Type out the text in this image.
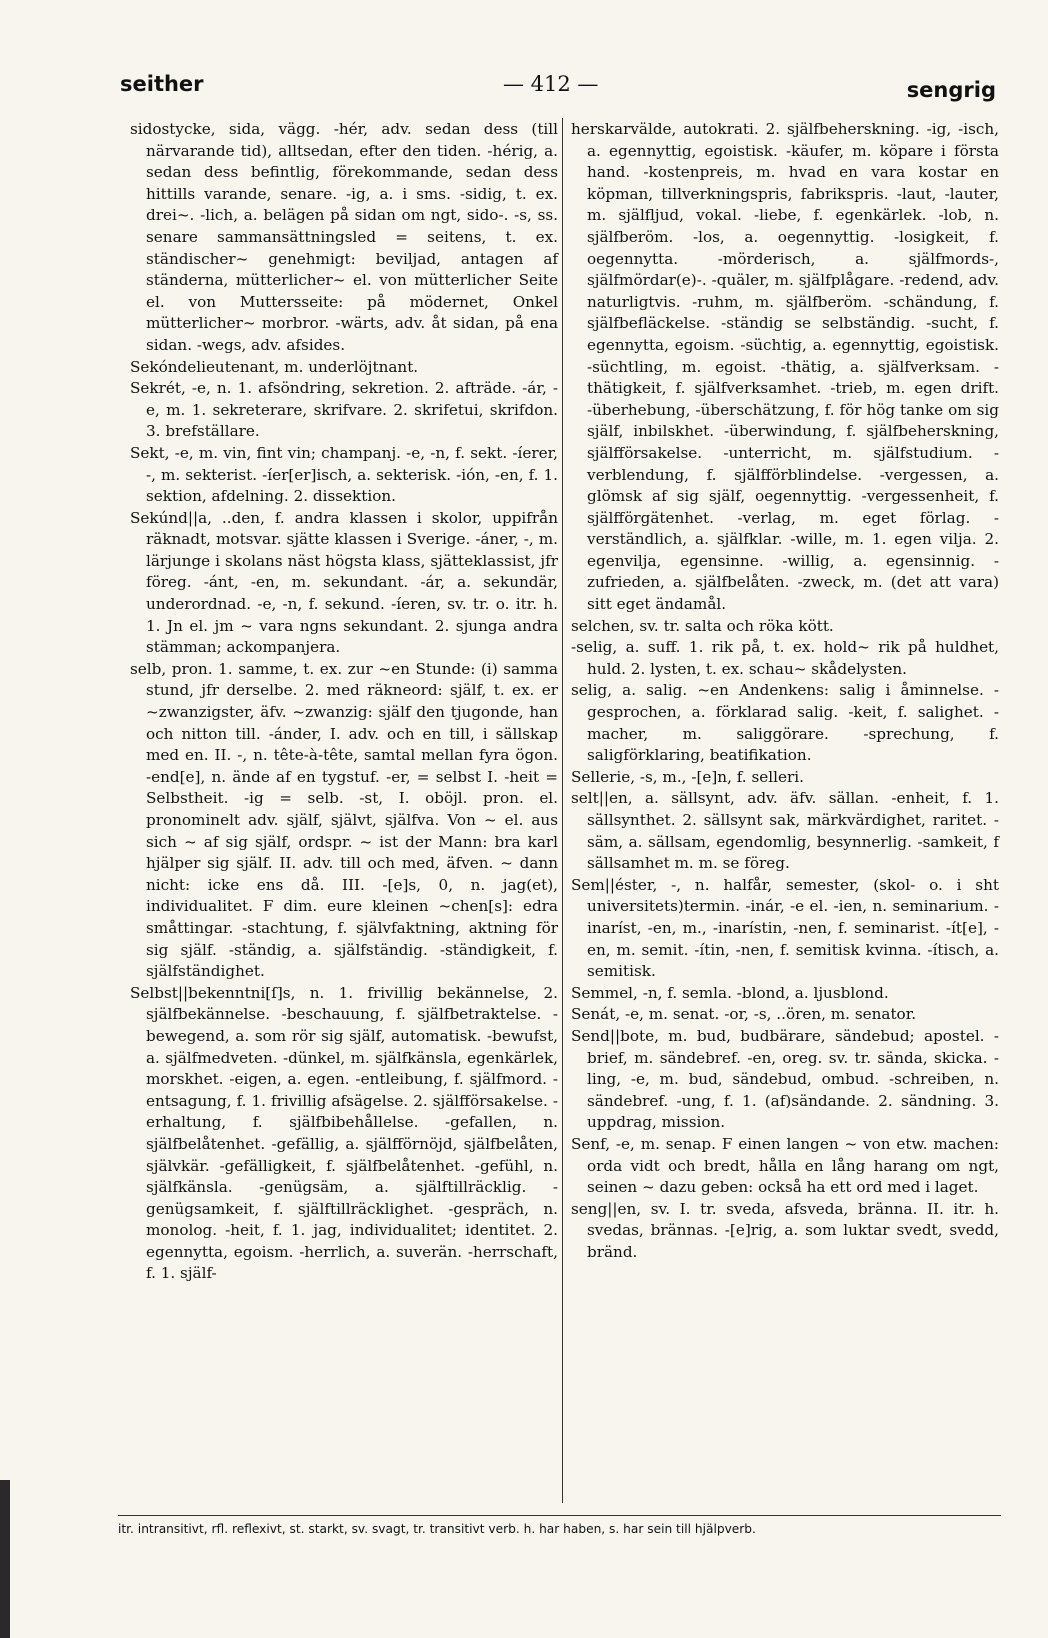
seither	— 412 —	sengrig

sidostycke, sida, vägg. -hér, adv. sedan dess (till närvarande tid), alltsedan, efter den tiden. -hérig, a. sedan dess befintlig, förekommande, sedan dess hittills varande, senare. -ig, a. i sms. -sidig, t. ex. drei~. -lich, a. belägen på sidan om ngt, sido-. -s, ss. senare sammansättningsled = seitens, t. ex. ständischer~ genehmigt: beviljad, antagen af ständerna, mütterlicher~ el. von mütterlicher Seite el. von Muttersseite: på mödernet, Onkel mütterlicher~ morbror. -wärts, adv. åt sidan, på ena sidan. -wegs, adv. afsides.

Sekóndelieutenant, m. underlöjtnant.

Sekrét, -e, n. 1. afsöndring, sekretion. 2. afträde. -ár, -e, m. 1. sekreterare, skrifvare. 2. skrifetui, skrifdon. 3. brefställare.

Sekt, -e, m. vin, fint vin; champanj. -e, -n, f. sekt. -íerer, -, m. sekterist. -íer[er]isch, a. sekterisk. -ión, -en, f. 1. sektion, afdelning. 2. dissektion.

Sekúnd||a, ..den, f. andra klassen i skolor, uppifrån räknadt, motsvar. sjätte klassen i Sverige. -áner, -, m. lärjunge i skolans näst högsta klass, sjätteklassist, jfr föreg. -ánt, -en, m. sekundant. -ár, a. sekundär, underordnad. -e, -n, f. sekund. -íeren, sv. tr. o. itr. h. 1. Jn el. jm ~ vara ngns sekundant. 2. sjunga andra stämman; ackompanjera.

selb, pron. 1. samme, t. ex. zur ~en Stunde: (i) samma stund, jfr derselbe. 2. med räkneord: själf, t. ex. er ~zwanzigster, äfv. ~zwanzig: själf den tjugonde, han och nitton till. -ánder, I. adv. och en till, i sällskap med en. II. -, n. tête-à-tête, samtal mellan fyra ögon. -end[e], n. ände af en tygstuf. -er, = selbst I. -heit = Selbstheit. -ig = selb. -st, I. oböjl. pron. el. pronominelt adv. själf, självt, själfva. Von ~ el. aus sich ~ af sig själf, ordspr. ~ ist der Mann: bra karl hjälper sig själf. II. adv. till och med, äfven. ~ dann nicht: icke ens då. III. -[e]s, 0, n. jag(et), individualitet. F dim. eure kleinen ~chen[s]: edra småttingar. -stachtung, f. självfaktning, aktning för sig själf. -ständig, a. själfständig. -ständigkeit, f. själfständighet.

Selbst||bekenntni[ſ]s, n. 1. frivillig bekännelse, 2. själfbekännelse. -beschauung, f. själfbetraktelse. -bewegend, a. som rör sig själf, automatisk. -bewufst, a. själfmedveten. -dünkel, m. själfkänsla, egenkärlek, morskhet. -eigen, a. egen. -entleibung, f. själfmord. -entsagung, f. 1. frivillig afsägelse. 2. själfförsakelse. -erhaltung, f. själfbibehållelse. -gefallen, n. själfbelåtenhet. -gefällig, a. själfförnöjd, själfbelåten, självkär. -gefälligkeit, f. själfbelåtenhet. -gefühl, n. själfkänsla. -genügsäm, a. själftillräcklig. -genügsamkeit, f. själftillräcklighet. -gespräch, n. monolog. -heit, f. 1. jag, individualitet; identitet. 2. egennytta, egoism. -herrlich, a. suverän. -herrschaft, f. 1. själf-

herskarvälde, autokrati. 2. själfbeherskning. -ig, -isch, a. egennyttig, egoistisk. -käufer, m. köpare i första hand. -kostenpreis, m. hvad en vara kostar en köpman, tillverkningspris, fabrikspris. -laut, -lauter, m. själfljud, vokal. -liebe, f. egenkärlek. -lob, n. själfberöm. -los, a. oegennyttig. -losigkeit, f. oegennytta. -mörderisch, a. själfmords-, själfmördar(e)-. -quäler, m. själfplågare. -redend, adv. naturligtvis. -ruhm, m. själfberöm. -schändung, f. själfbefläckelse. -ständig se selbständig. -sucht, f. egennytta, egoism. -süchtig, a. egennyttig, egoistisk. -süchtling, m. egoist. -thätig, a. själfverksam. -thätigkeit, f. själfverksamhet. -trieb, m. egen drift. -überhebung, -überschätzung, f. för hög tanke om sig själf, inbilskhet. -überwindung, f. själfbeherskning, själfförsakelse. -unterricht, m. själfstudium. -verblendung, f. själfförblindelse. -vergessen, a. glömsk af sig själf, oegennyttig. -vergessenheit, f. själfförgätenhet. -verlag, m. eget förlag. -verständlich, a. själfklar. -wille, m. 1. egen vilja. 2. egenvilja, egensinne. -willig, a. egensinnig. -zufrieden, a. själfbelåten. -zweck, m. (det att vara) sitt eget ändamål.

selchen, sv. tr. salta och röka kött.

-selig, a. suff. 1. rik på, t. ex. hold~ rik på huldhet, huld. 2. lysten, t. ex. schau~ skådelysten.

selig, a. salig. ~en Andenkens: salig i åminnelse. -gesprochen, a. förklarad salig. -keit, f. salighet. -macher, m. saliggörare. -sprechung, f. saligförklaring, beatifikation.

Sellerie, -s, m., -[e]n, f. selleri.

selt||en, a. sällsynt, adv. äfv. sällan. -enheit, f. 1. sällsynthet. 2. sällsynt sak, märkvärdighet, raritet. -säm, a. sällsam, egendomlig, besynnerlig. -samkeit, f sällsamhet m. m. se föreg.

Sem||éster, -, n. halfår, semester, (skol- o. i sht universitets)termin. -inár, -e el. -ien, n. seminarium. -inaríst, -en, m., -inarístin, -nen, f. seminarist. -ít[e], -en, m. semit. -ítin, -nen, f. semitisk kvinna. -ítisch, a. semitisk.

Semmel, -n, f. semla. -blond, a. ljusblond.

Senát, -e, m. senat. -or, -s, ..ören, m. senator.

Send||bote, m. bud, budbärare, sändebud; apostel. -brief, m. sändebref. -en, oreg. sv. tr. sända, skicka. -ling, -e, m. bud, sändebud, ombud. -schreiben, n. sändebref. -ung, f. 1. (af)sändande. 2. sändning. 3. uppdrag, mission.

Senf, -e, m. senap. F einen langen ~ von etw. machen: orda vidt och bredt, hålla en lång harang om ngt, seinen ~ dazu geben: också ha ett ord med i laget.

seng||en, sv. I. tr. sveda, afsveda, bränna. II. itr. h. svedas, brännas. -[e]rig, a. som luktar svedt, svedd, bränd.

itr. intransitivt, rfl. reflexivt, st. starkt, sv. svagt, tr. transitivt verb. h. har haben, s. har sein till hjälpverb.
